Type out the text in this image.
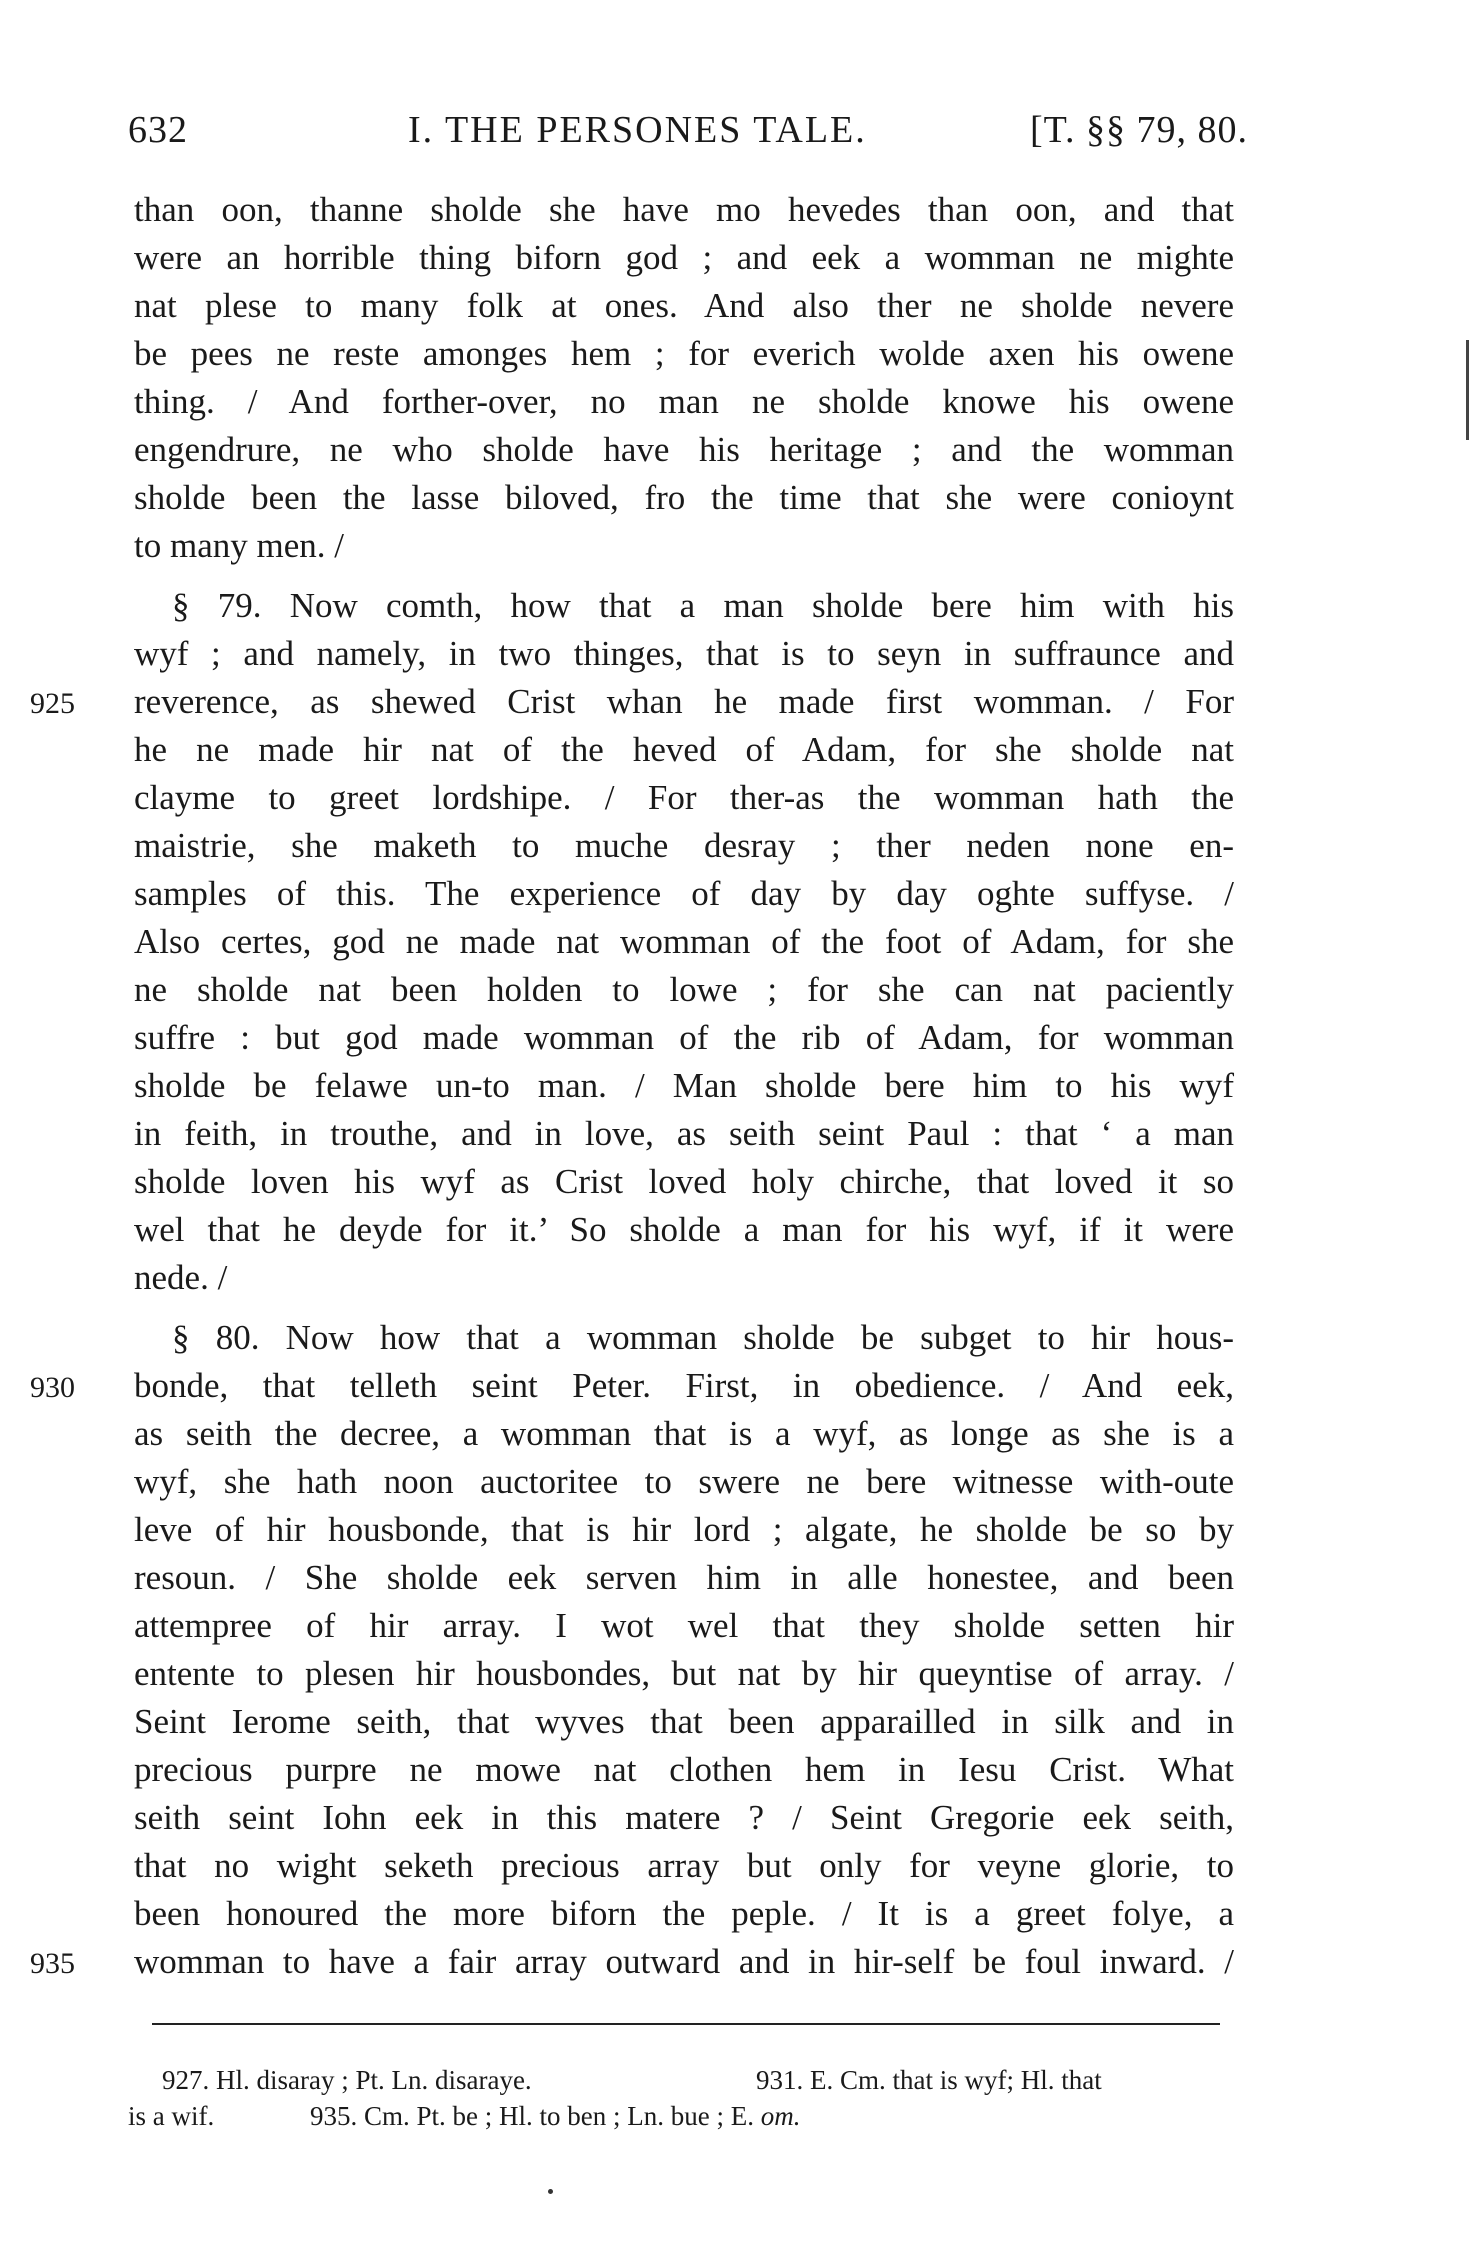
632	I. THE PERSONES TALE.	[T. §§ 79, 80.
than oon, thanne sholde she have mo hevedes than oon, and that
were an horrible thing biforn god ; and eek a womman ne mighte
nat plese to many folk at ones. And also ther ne sholde nevere
be pees ne reste amonges hem ; for everich wolde axen his owene
thing. / And forther-over, no man ne sholde knowe his owene
engendrure, ne who sholde have his heritage ; and the womman
sholde been the lasse biloved, fro the time that she were conioynt
to many men. /
§ 79. Now comth, how that a man sholde bere him with his
wyf ; and namely, in two thinges, that is to seyn in suffraunce and
925	reverence, as shewed Crist whan he made first womman. / For
he ne made hir nat of the heved of Adam, for she sholde nat
clayme to greet lordshipe. / For ther-as the womman hath the
maistrie, she maketh to muche desray ; ther neden none en-
samples of this. The experience of day by day oghte suffyse. /
Also certes, god ne made nat womman of the foot of Adam, for she
ne sholde nat been holden to lowe ; for she can nat paciently
suffre : but god made womman of the rib of Adam, for womman
sholde be felawe un-to man. / Man sholde bere him to his wyf
in feith, in trouthe, and in love, as seith seint Paul : that ‘ a man
sholde loven his wyf as Crist loved holy chirche, that loved it so
wel that he deyde for it.’ So sholde a man for his wyf, if it were
nede. /
§ 80. Now how that a womman sholde be subget to hir hous-
930	bonde, that telleth seint Peter. First, in obedience. / And eek,
as seith the decree, a womman that is a wyf, as longe as she is a
wyf, she hath noon auctoritee to swere ne bere witnesse with-oute
leve of hir housbonde, that is hir lord ; algate, he sholde be so by
resoun. / She sholde eek serven him in alle honestee, and been
attempree of hir array. I wot wel that they sholde setten hir
entente to plesen hir housbondes, but nat by hir queyntise of array. /
Seint Ierome seith, that wyves that been apparailled in silk and in
precious purpre ne mowe nat clothen hem in Iesu Crist. What
seith seint Iohn eek in this matere ? / Seint Gregorie eek seith,
that no wight seketh precious array but only for veyne glorie, to
been honoured the more biforn the peple. / It is a greet folye, a
935	womman to have a fair array outward and in hir-self be foul inward. /
927. Hl. disaray ; Pt. Ln. disaraye.	931. E. Cm. that is wyf; Hl. that
is a wif.	935. Cm. Pt. be ; Hl. to ben ; Ln. bue ; E. om.
